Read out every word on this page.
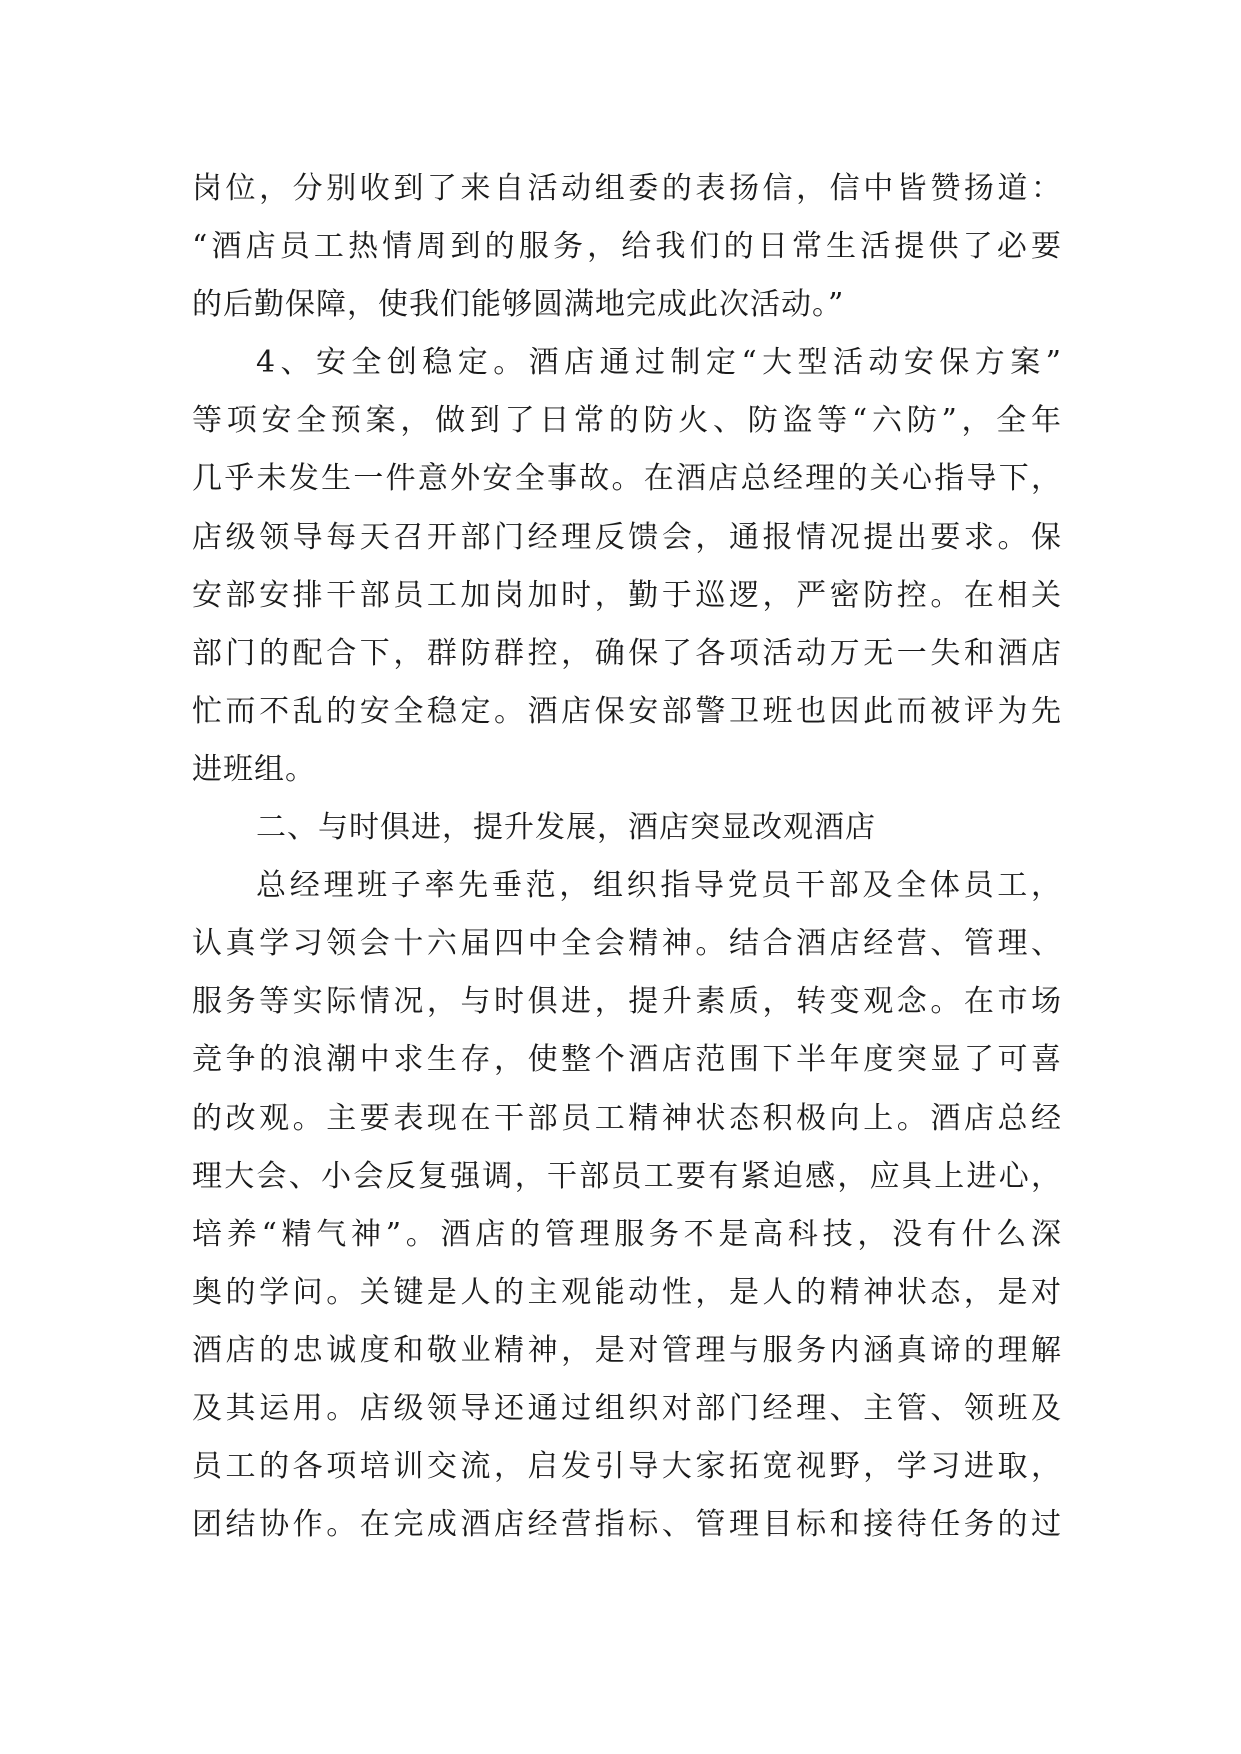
岗位，分别收到了来自活动组委的表扬信，信中皆赞扬道：
“酒店员工热情周到的服务，给我们的日常生活提供了必要
的后勤保障，使我们能够圆满地完成此次活动。”
4、安全创稳定。酒店通过制定“大型活动安保方案”
等项安全预案，做到了日常的防火、防盗等“六防”，全年
几乎未发生一件意外安全事故。在酒店总经理的关心指导下，
店级领导每天召开部门经理反馈会，通报情况提出要求。保
安部安排干部员工加岗加时，勤于巡逻，严密防控。在相关
部门的配合下，群防群控，确保了各项活动万无一失和酒店
忙而不乱的安全稳定。酒店保安部警卫班也因此而被评为先
进班组。
二、与时俱进，提升发展，酒店突显改观酒店
总经理班子率先垂范，组织指导党员干部及全体员工，
认真学习领会十六届四中全会精神。结合酒店经营、管理、
服务等实际情况，与时俱进，提升素质，转变观念。在市场
竞争的浪潮中求生存，使整个酒店范围下半年度突显了可喜
的改观。主要表现在干部员工精神状态积极向上。酒店总经
理大会、小会反复强调，干部员工要有紧迫感，应具上进心，
培养“精气神”。酒店的管理服务不是高科技，没有什么深
奥的学问。关键是人的主观能动性，是人的精神状态，是对
酒店的忠诚度和敬业精神，是对管理与服务内涵真谛的理解
及其运用。店级领导还通过组织对部门经理、主管、领班及
员工的各项培训交流，启发引导大家拓宽视野，学习进取，
团结协作。在完成酒店经营指标、管理目标和接待任务的过
